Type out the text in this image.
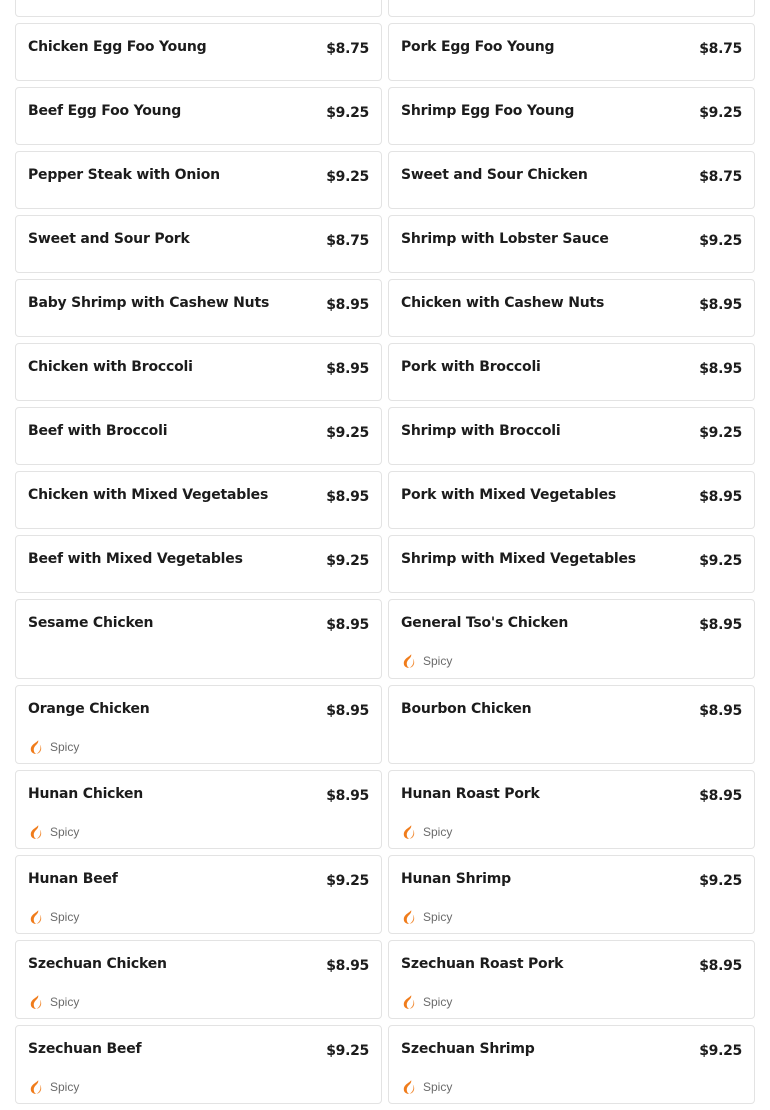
Chicken Egg Foo Young	$8.75 Pork Egg Foo Young	$8.75
Beef Egg Foo Young	$9.25 Shrimp Egg Foo Young	$9.25
Pepper Steak with Onion	$9.25 Sweet and Sour Chicken	$8.75
Sweet and Sour Pork	$8.75 Shrimp with Lobster Sauce	$9.25
Baby Shrimp with Cashew Nuts	$8.95 Chicken with Cashew Nuts	$8.95
Chicken with Broccoli	$8.95 Pork with Broccoli	$8.95
Beef with Broccoli	$9.25 Shrimp with Broccoli	$9.25
Chicken with Mixed Vegetables	$8.95 Pork with Mixed Vegetables	$8.95
Beef with Mixed Vegetables	$9.25 Shrimp with Mixed Vegetables	$9.25
Sesame Chicken	$8.95 General Tso's Chicken	$8.95
Spicy
Orange Chicken	$8.95
Spicy
Bourbon Chicken	$8.95
Hunan Chicken	$8.95
Spicy
Hunan Roast Pork	$8.95
Spicy
Hunan Beef	$9.25
Spicy
Hunan Shrimp	$9.25
Spicy
Szechuan Chicken	$8.95
Spicy
Szechuan Roast Pork	$8.95
Spicy
Szechuan Beef	$9.25
Spicy
Szechuan Shrimp	$9.25
Spicy
